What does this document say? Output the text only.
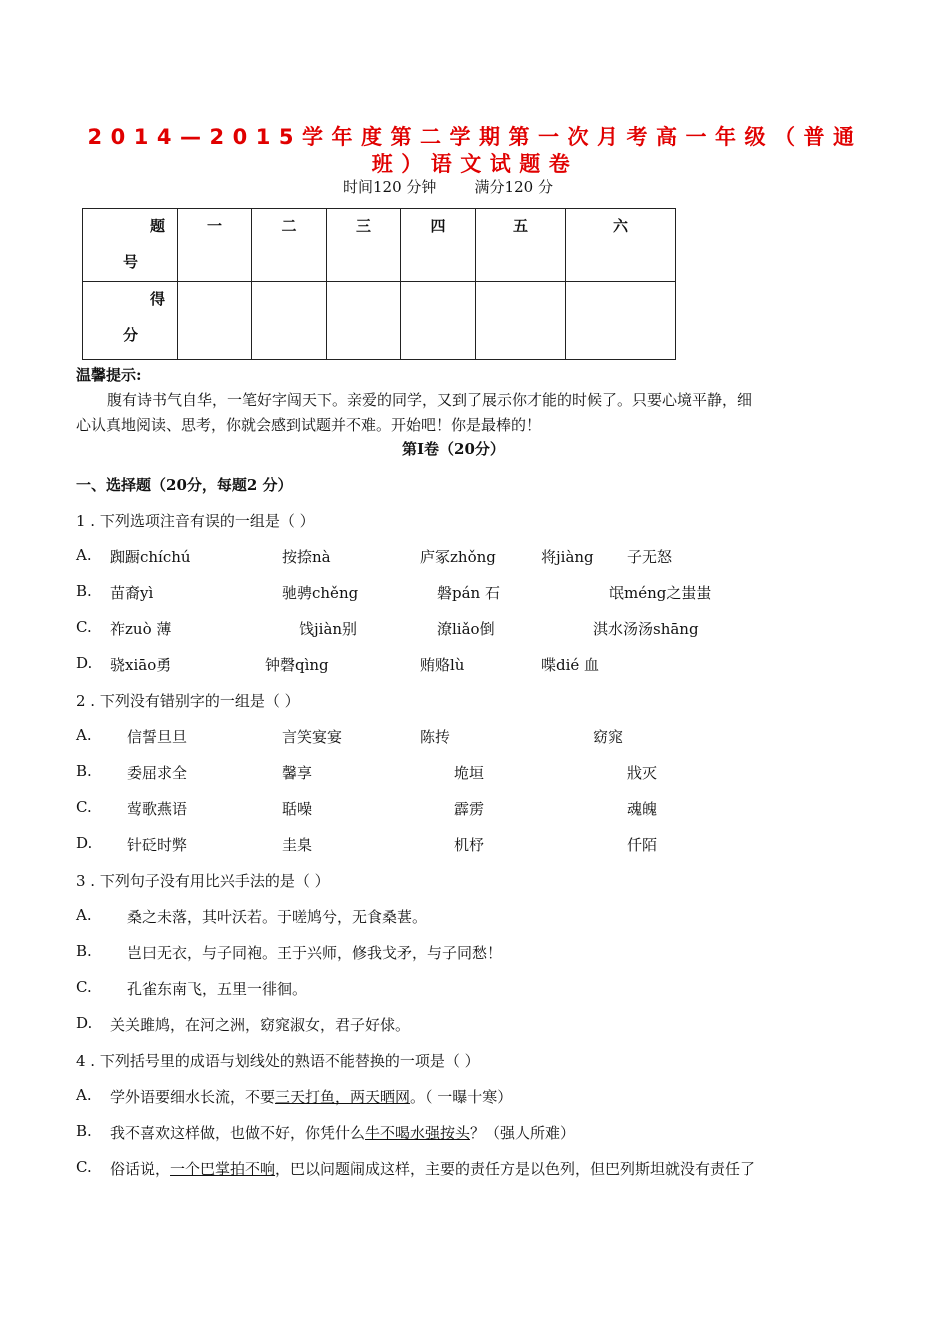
2014—2015学年度第二学期第一次月考高一年级（普通
班）语文试题卷
时间120 分钟        满分120 分
题
号	一	二	三	四	五	六

得
分						

温馨提示:
腹有诗书气自华，一笔好字闯天下。亲爱的同学，又到了展示你才能的时候了。只要心境平静，细
心认真地阅读、思考，你就会感到试题并不难。开始吧！你是最棒的！
第Ⅰ卷（20分）
一、选择题（20分，每题2 分）
1 . 下列选项注音有误的一组是（ ）
A. 踟蹰chíchú	按捺nà	庐冢zhǒng	将jiàng 子无怒
B. 苗裔yì	驰骋chěng	磐pán 石	氓méng之蚩蚩
C. 祚zuò 薄	饯jiàn别	潦liǎo倒	淇水汤汤shāng
D. 骁xiāo勇	钟磬qìng	贿赂lù	喋dié 血
2 . 下列没有错别字的一组是（ ）
A. 信誓旦旦	言笑宴宴	陈抟	窈窕
B. 委屈求全	馨享	垝垣	戕灭
C. 莺歌燕语	聒噪	霹雳	魂魄
D. 针砭时弊	圭臬	机杼	仟陌
3 . 下列句子没有用比兴手法的是（ ）
A. 桑之未落，其叶沃若。于嗟鸠兮，无食桑葚。
B. 岂曰无衣，与子同袍。王于兴师，修我戈矛，与子同愁！
C. 孔雀东南飞，五里一徘徊。
D. 关关雎鸠，在河之洲，窈窕淑女，君子好俅。
4 . 下列括号里的成语与划线处的熟语不能替换的一项是（ ）
A. 学外语要细水长流，不要三天打鱼，两天晒网。（ 一曝十寒）
B. 我不喜欢这样做，也做不好，你凭什么牛不喝水强按头？（强人所难）
C. 俗话说，一个巴掌拍不响，巴以问题闹成这样，主要的责任方是以色列，但巴列斯坦就没有责任了
